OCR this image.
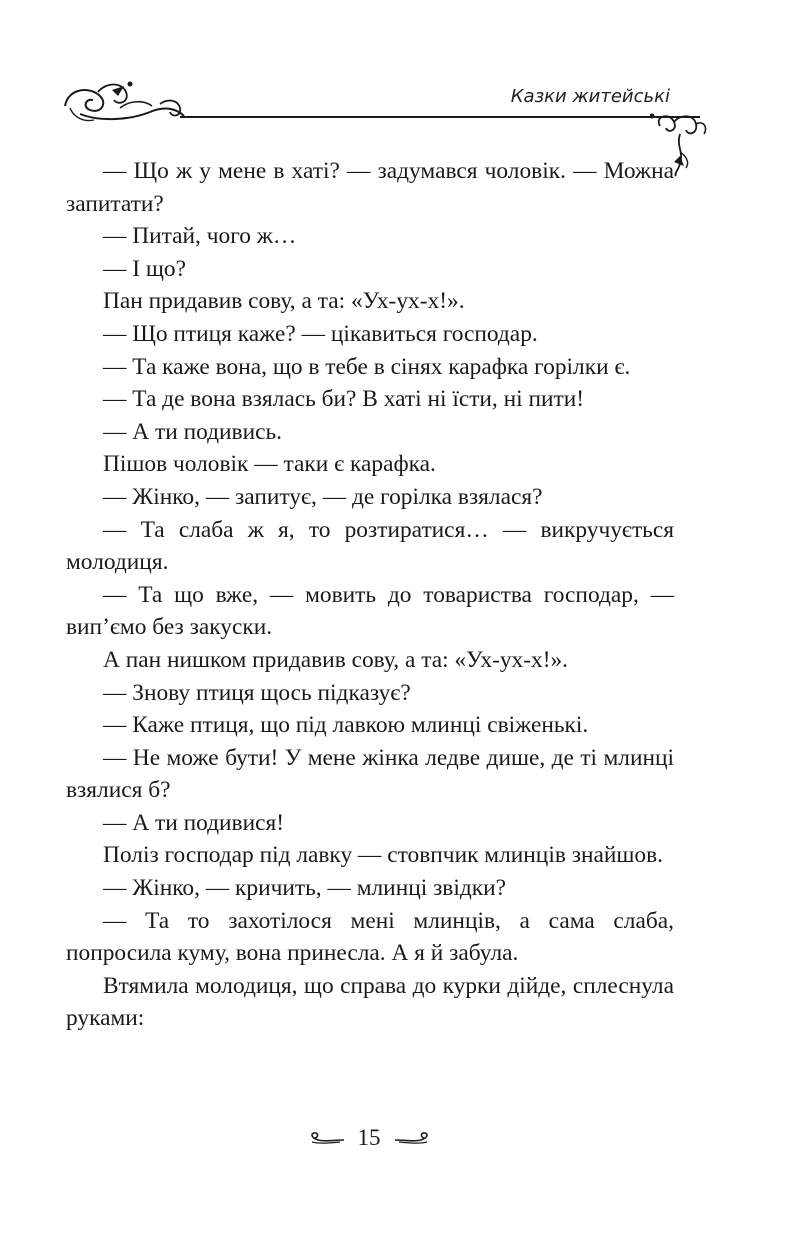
Казки житейські

— Що ж у мене в хаті? — задумався чоловік. — Можна запитати?

— Питай, чого ж…

— І що?

Пан придавив сову, а та: «Ух-ух-х!».

— Що птиця каже? — цікавиться господар.

— Та каже вона, що в тебе в сінях карафка горілки є.

— Та де вона взялась би? В хаті ні їсти, ні пити!

— А ти подивись.

Пішов чоловік — таки є карафка.

— Жінко, — запитує, — де горілка взялася?

— Та слаба ж я, то розтиратися… — викручується молодиця.

— Та що вже, — мовить до товариства господар, — вип’ємо без закуски.

А пан нишком придавив сову, а та: «Ух-ух-х!».

— Знову птиця щось підказує?

— Каже птиця, що під лавкою млинці свіженькі.

— Не може бути! У мене жінка ледве дише, де ті млинці взялися б?

— А ти подивися!

Поліз господар під лавку — стовпчик млинців знайшов.

— Жінко, — кричить, — млинці звідки?

— Та то захотілося мені млинців, а сама слаба, попросила куму, вона принесла. А я й забула.

Втямила молодиця, що справа до курки дійде, сплеснула руками:

15
